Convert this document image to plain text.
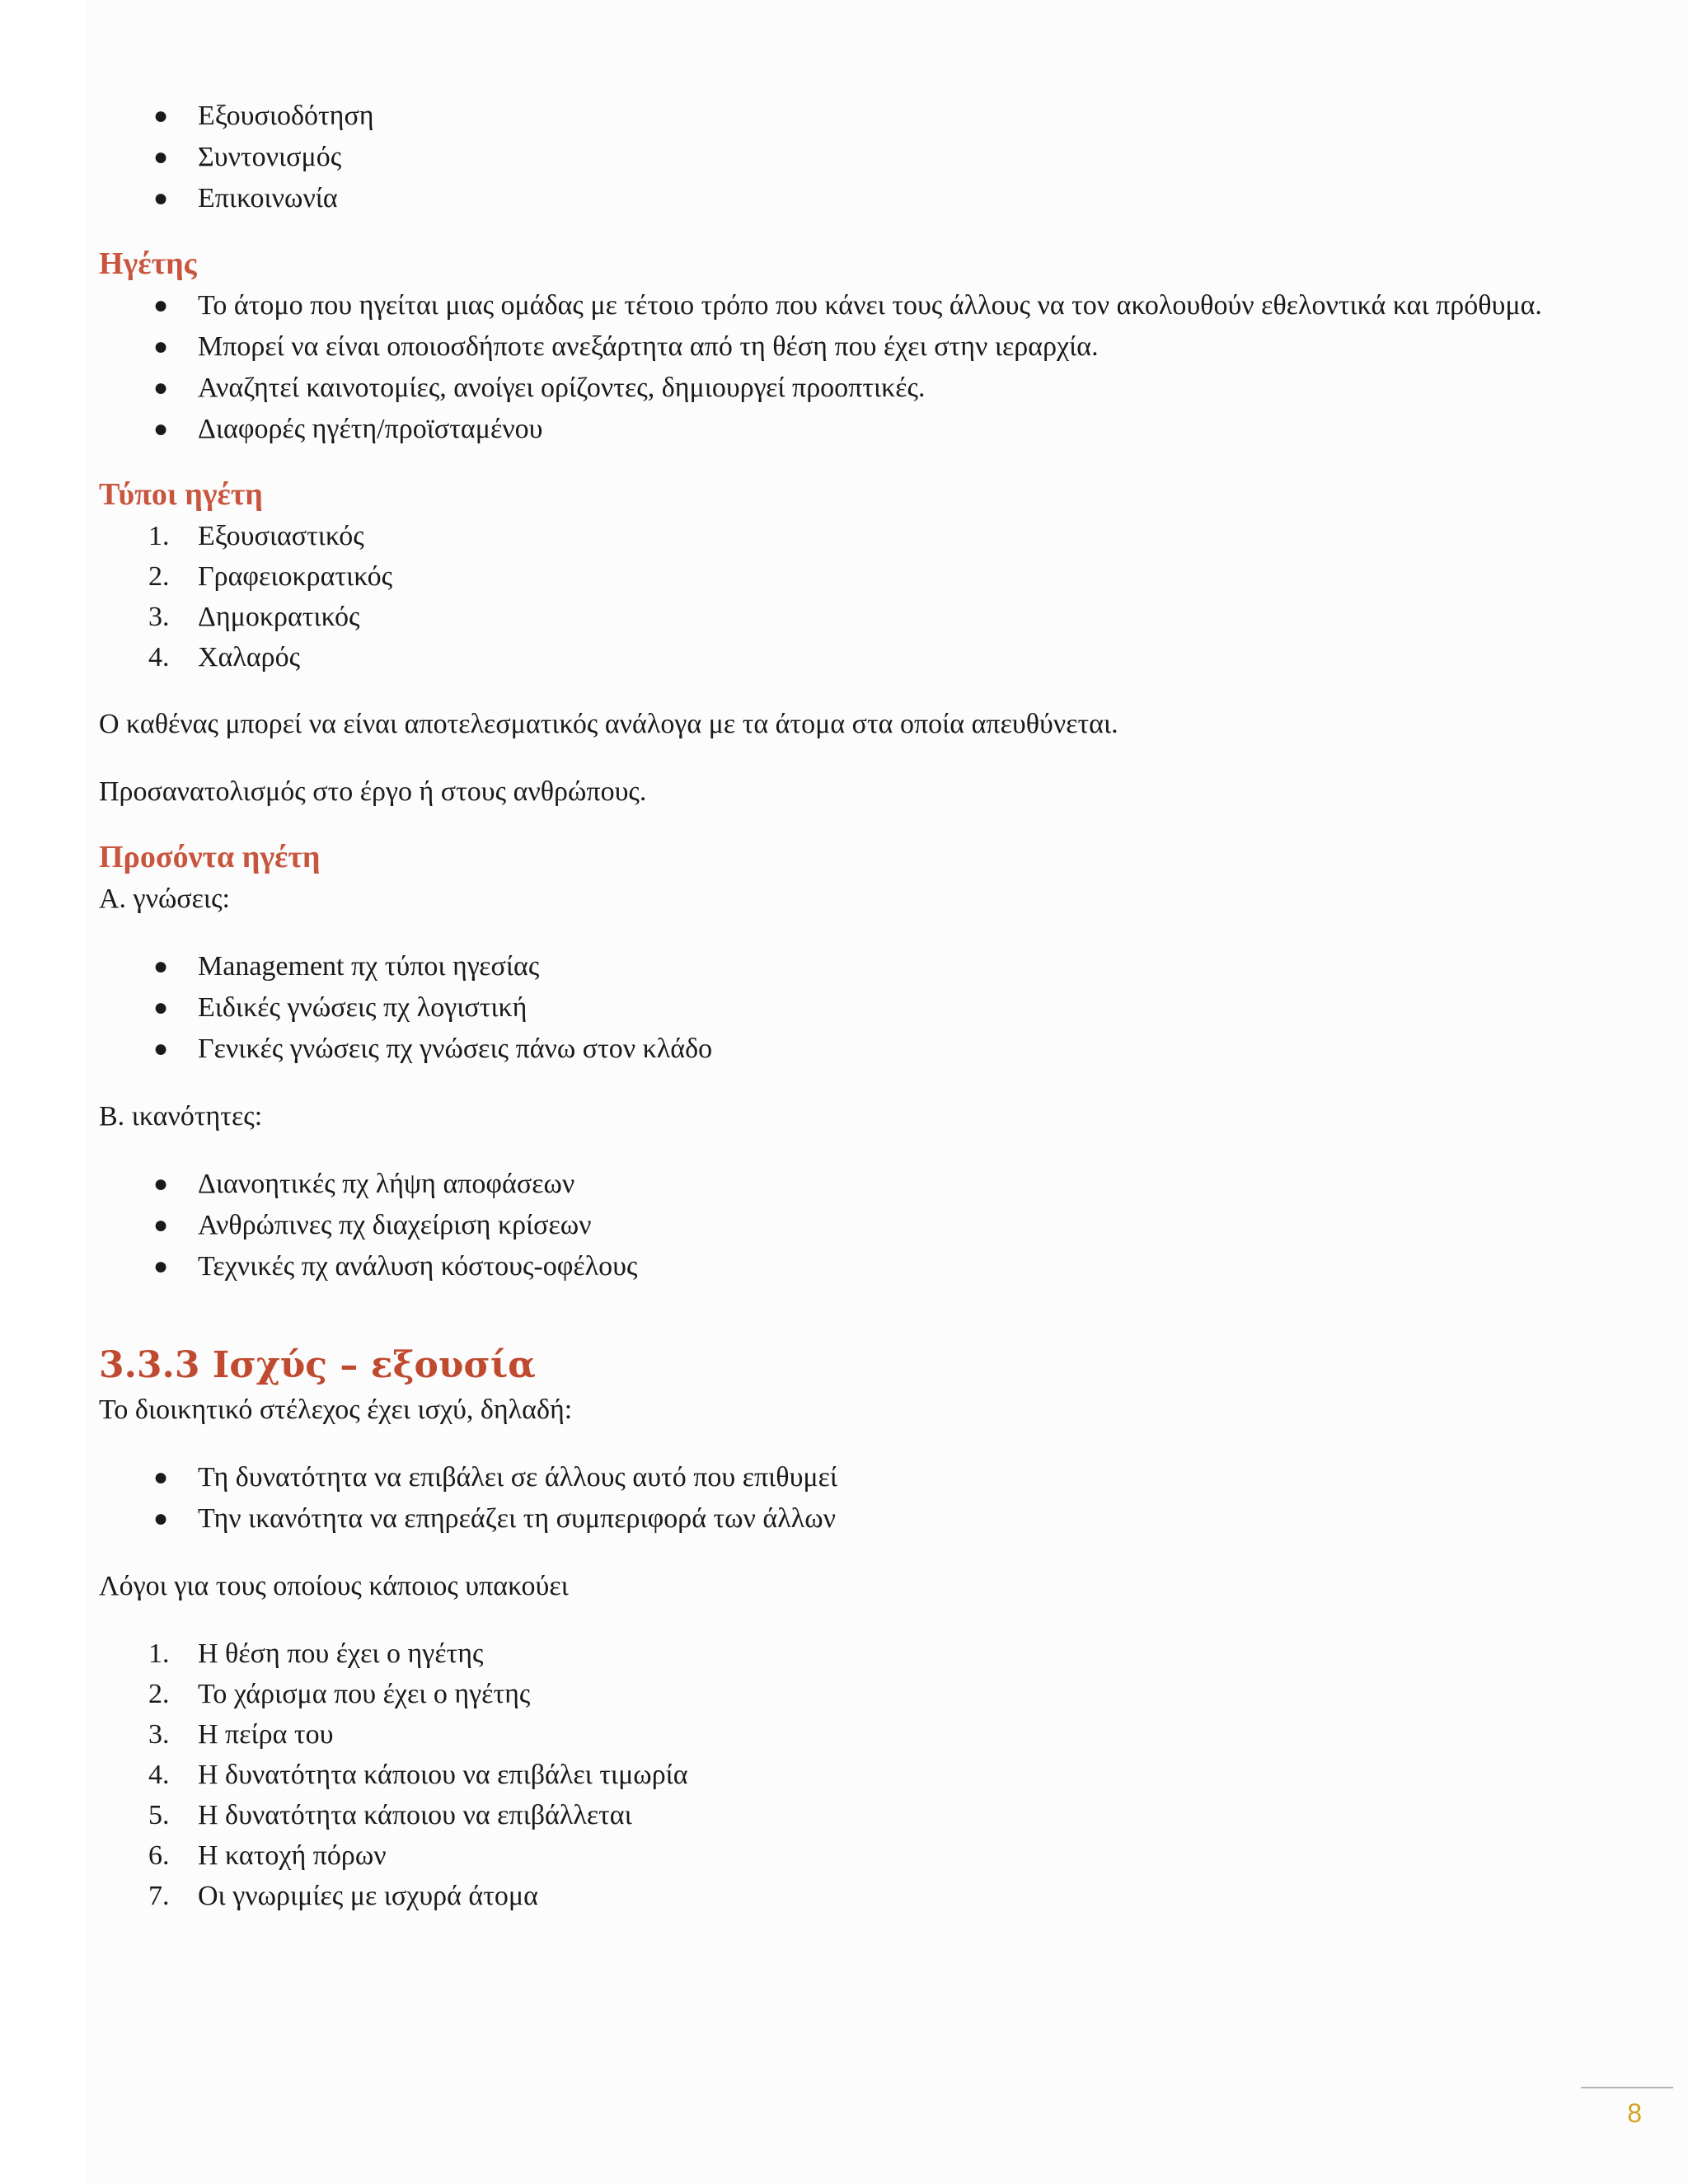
● Εξουσιοδότηση
● Συντονισμός
● Επικοινωνία
Ηγέτης
● Το άτομο που ηγείται μιας ομάδας με τέτοιο τρόπο που κάνει τους άλλους να τον ακολουθούν εθελοντικά και πρόθυμα.
● Μπορεί να είναι οποιοσδήποτε ανεξάρτητα από τη θέση που έχει στην ιεραρχία.
● Αναζητεί καινοτομίες, ανοίγει ορίζοντες, δημιουργεί προοπτικές.
● Διαφορές ηγέτη/προϊσταμένου
Τύποι ηγέτη
1. Εξουσιαστικός
2. Γραφειοκρατικός
3. Δημοκρατικός
4. Χαλαρός

Ο καθένας μπορεί να είναι αποτελεσματικός ανάλογα με τα άτομα στα οποία απευθύνεται.

Προσανατολισμός στο έργο ή στους ανθρώπους.

Προσόντα ηγέτη

Α. γνώσεις:

● Management πχ τύποι ηγεσίας
● Ειδικές γνώσεις πχ λογιστική
● Γενικές γνώσεις πχ γνώσεις πάνω στον κλάδο

Β. ικανότητες:

● Διανοητικές πχ λήψη αποφάσεων
● Ανθρώπινες πχ διαχείριση κρίσεων
● Τεχνικές πχ ανάλυση κόστους-οφέλους
3.3.3 Ισχύς – εξουσία

Το διοικητικό στέλεχος έχει ισχύ, δηλαδή:

● Τη δυνατότητα να επιβάλει σε άλλους αυτό που επιθυμεί
● Την ικανότητα να επηρεάζει τη συμπεριφορά των άλλων

Λόγοι για τους οποίους κάποιος υπακούει

1. Η θέση που έχει ο ηγέτης
2. Το χάρισμα που έχει ο ηγέτης
3. Η πείρα του
4. Η δυνατότητα κάποιου να επιβάλει τιμωρία
5. Η δυνατότητα κάποιου να επιβάλλεται
6. Η κατοχή πόρων
7. Οι γνωριμίες με ισχυρά άτομα
8
